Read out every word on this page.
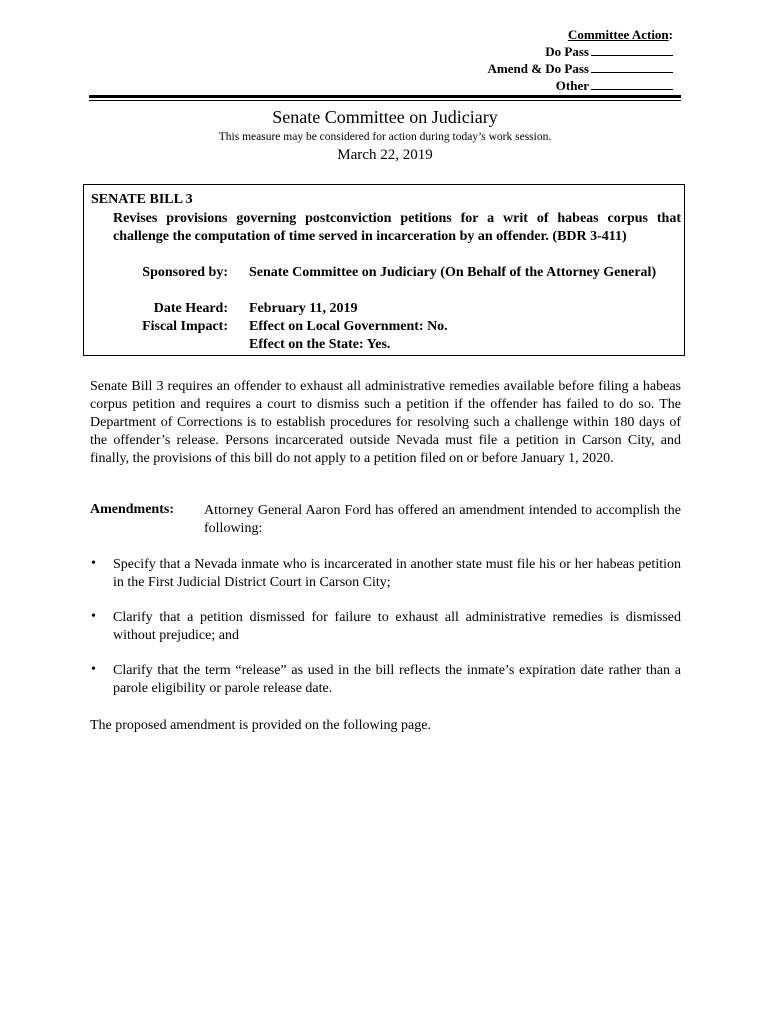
Committee Action:
Do Pass
Amend & Do Pass
Other
Senate Committee on Judiciary
This measure may be considered for action during today’s work session.
March 22, 2019
SENATE BILL 3
Revises provisions governing postconviction petitions for a writ of habeas corpus that challenge the computation of time served in incarceration by an offender. (BDR 3-411)
Sponsored by: Senate Committee on Judiciary (On Behalf of the Attorney General)
Date Heard: February 11, 2019
Fiscal Impact: Effect on Local Government: No.
Effect on the State: Yes.
Senate Bill 3 requires an offender to exhaust all administrative remedies available before filing a habeas corpus petition and requires a court to dismiss such a petition if the offender has failed to do so. The Department of Corrections is to establish procedures for resolving such a challenge within 180 days of the offender’s release. Persons incarcerated outside Nevada must file a petition in Carson City, and finally, the provisions of this bill do not apply to a petition filed on or before January 1, 2020.
Amendments: Attorney General Aaron Ford has offered an amendment intended to accomplish the following:
• Specify that a Nevada inmate who is incarcerated in another state must file his or her habeas petition in the First Judicial District Court in Carson City;
• Clarify that a petition dismissed for failure to exhaust all administrative remedies is dismissed without prejudice; and
• Clarify that the term “release” as used in the bill reflects the inmate’s expiration date rather than a parole eligibility or parole release date.
The proposed amendment is provided on the following page.
